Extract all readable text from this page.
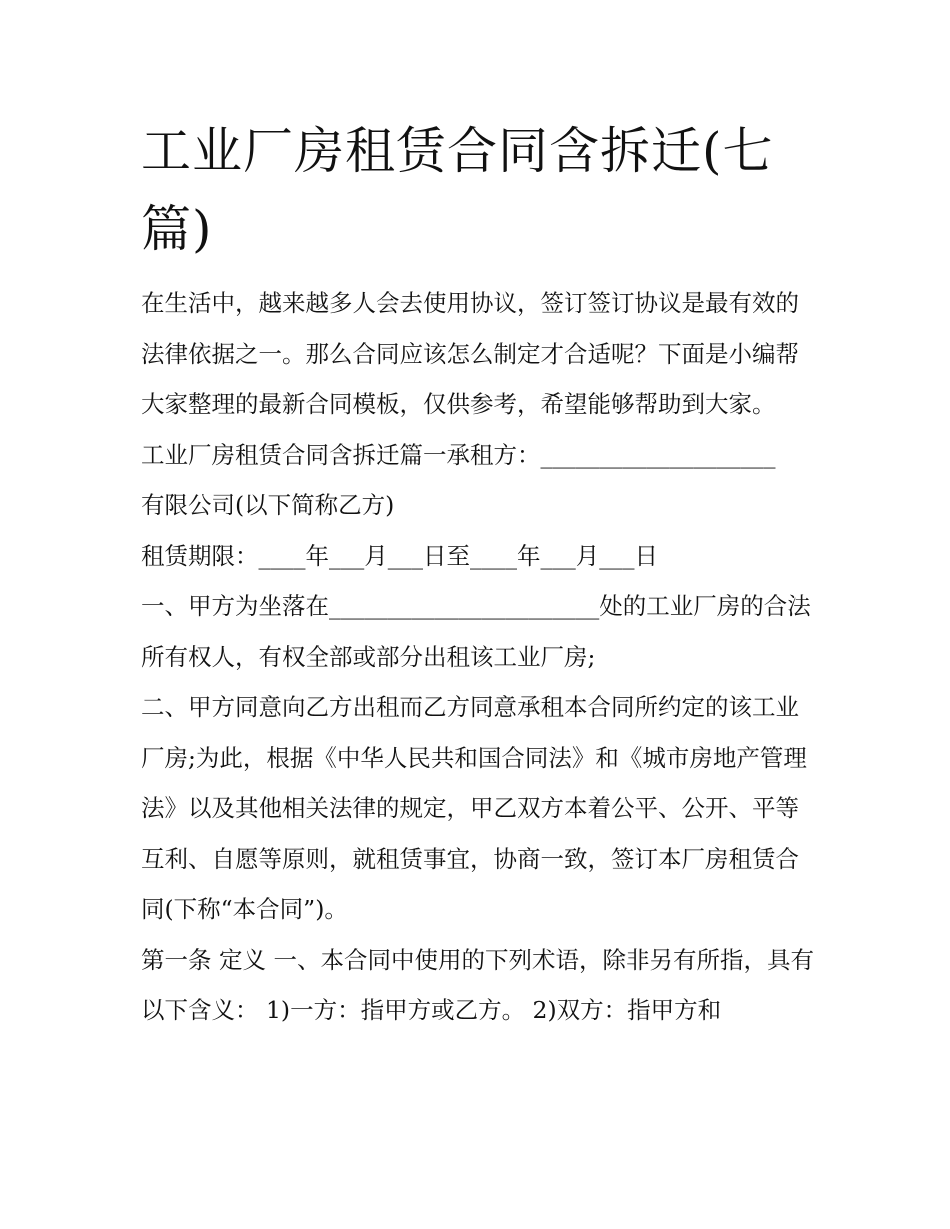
工业厂房租赁合同含拆迁(七篇)

在生活中，越来越多人会去使用协议，签订签订协议是最有效的法律依据之一。那么合同应该怎么制定才合适呢？下面是小编帮大家整理的最新合同模板，仅供参考，希望能够帮助到大家。

工业厂房租赁合同含拆迁篇一承租方：____________________

有限公司(以下简称乙方)

租赁期限：____年___月___日至____年___月___日

一、甲方为坐落在_______________________处的工业厂房的合法所有权人，有权全部或部分出租该工业厂房;

二、甲方同意向乙方出租而乙方同意承租本合同所约定的该工业厂房;为此，根据《中华人民共和国合同法》和《城市房地产管理法》以及其他相关法律的规定，甲乙双方本着公平、公开、平等互利、自愿等原则，就租赁事宜，协商一致，签订本厂房租赁合同(下称“本合同”)。

第一条 定义 一、本合同中使用的下列术语，除非另有所指，具有以下含义： 1)一方：指甲方或乙方。 2)双方：指甲方和
